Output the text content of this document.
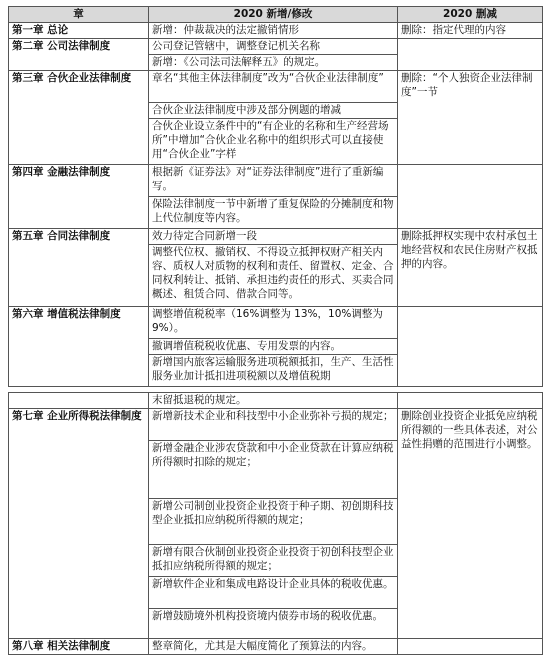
章	2020 新增/修改	2020 删减
第一章 总论	新增：仲裁裁决的法定撤销情形	删除：指定代理的内容
第二章 公司法律制度	公司登记管辖中，调整登记机关名称	
	新增：《公司法司法解释五》的规定。	
第三章 合伙企业法律制度	章名“其他主体法律制度”改为“合伙企业法律制度”	删除：“个人独资企业法律制度”一节
	合伙企业法律制度中涉及部分例题的增减	
	合伙企业设立条件中的“有企业的名称和生产经营场所”中增加“合伙企业名称中的组织形式可以直接使用“合伙企业”字样	
第四章 金融法律制度	根据新《证券法》对“证券法律制度”进行了重新编写。	
	保险法律制度一节中新增了重复保险的分摊制度和物上代位制度等内容。	
第五章 合同法律制度	效力待定合同新增一段	删除抵押权实现中农村承包土地经营权和农民住房财产权抵押的内容。
	调整代位权、撤销权、不得设立抵押权财产相关内容、质权人对质物的权利和责任、留置权、定金、合同权利转让、抵销、承担违约责任的形式、买卖合同概述、租赁合同、借款合同等。	
第六章 增值税法律制度	调整增值税税率（16%调整为 13%，10%调整为 9%）。	
	撤调增值税税收优惠、专用发票的内容。	
	新增国内旅客运输服务进项税额抵扣，生产、生活性服务业加计抵扣进项税额以及增值税期	
	末留抵退税的规定。	
第七章 企业所得税法律制度	新增新技术企业和科技型中小企业弥补亏损的规定；	删除创业投资企业抵免应纳税所得额的一些具体表述，对公益性捐赠的范围进行小调整。
	新增金融企业涉农贷款和中小企业贷款在计算应纳税所得额时扣除的规定；	
	新增公司制创业投资企业投资于种子期、初创期科技型企业抵扣应纳税所得额的规定；	
	新增有限合伙制创业投资企业投资于初创科技型企业抵扣应纳税所得额的规定；	
	新增软件企业和集成电路设计企业具体的税收优惠。	
	新增鼓励境外机构投资境内债券市场的税收优惠。	
第八章 相关法律制度	整章简化，尤其是大幅度简化了预算法的内容。	
